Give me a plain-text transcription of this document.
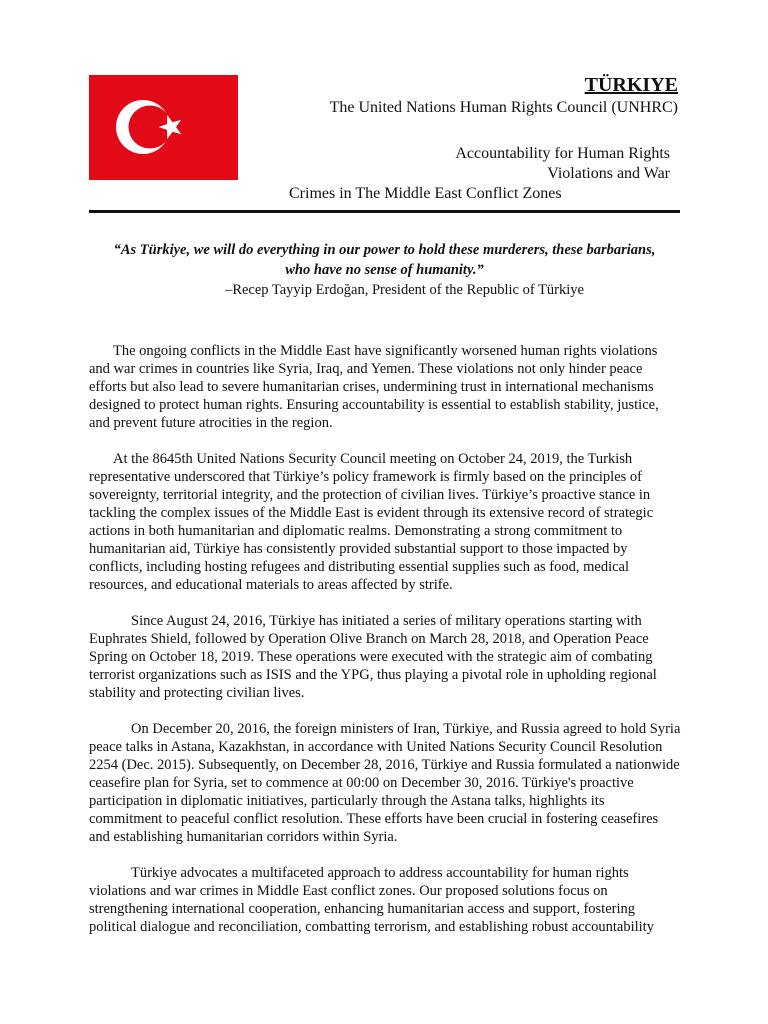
TÜRKIYE
The United Nations Human Rights Council (UNHRC)
Accountability for Human Rights
Violations and War
Crimes in The Middle East Conflict Zones
“As Türkiye, we will do everything in our power to hold these murderers, these barbarians,
who have no sense of humanity.”
–Recep Tayyip Erdoğan, President of the Republic of Türkiye

The ongoing conflicts in the Middle East have significantly worsened human rights violations and war crimes in countries like Syria, Iraq, and Yemen. These violations not only hinder peace efforts but also lead to severe humanitarian crises, undermining trust in international mechanisms designed to protect human rights. Ensuring accountability is essential to establish stability, justice, and prevent future atrocities in the region.

At the 8645th United Nations Security Council meeting on October 24, 2019, the Turkish representative underscored that Türkiye’s policy framework is firmly based on the principles of sovereignty, territorial integrity, and the protection of civilian lives. Türkiye’s proactive stance in tackling the complex issues of the Middle East is evident through its extensive record of strategic actions in both humanitarian and diplomatic realms. Demonstrating a strong commitment to humanitarian aid, Türkiye has consistently provided substantial support to those impacted by conflicts, including hosting refugees and distributing essential supplies such as food, medical resources, and educational materials to areas affected by strife.

Since August 24, 2016, Türkiye has initiated a series of military operations starting with Euphrates Shield, followed by Operation Olive Branch on March 28, 2018, and Operation Peace Spring on October 18, 2019. These operations were executed with the strategic aim of combating terrorist organizations such as ISIS and the YPG, thus playing a pivotal role in upholding regional stability and protecting civilian lives.

On December 20, 2016, the foreign ministers of Iran, Türkiye, and Russia agreed to hold Syria peace talks in Astana, Kazakhstan, in accordance with United Nations Security Council Resolution 2254 (Dec. 2015). Subsequently, on December 28, 2016, Türkiye and Russia formulated a nationwide ceasefire plan for Syria, set to commence at 00:00 on December 30, 2016. Türkiye's proactive participation in diplomatic initiatives, particularly through the Astana talks, highlights its commitment to peaceful conflict resolution. These efforts have been crucial in fostering ceasefires and establishing humanitarian corridors within Syria.

Türkiye advocates a multifaceted approach to address accountability for human rights violations and war crimes in Middle East conflict zones. Our proposed solutions focus on strengthening international cooperation, enhancing humanitarian access and support, fostering political dialogue and reconciliation, combatting terrorism, and establishing robust accountability
